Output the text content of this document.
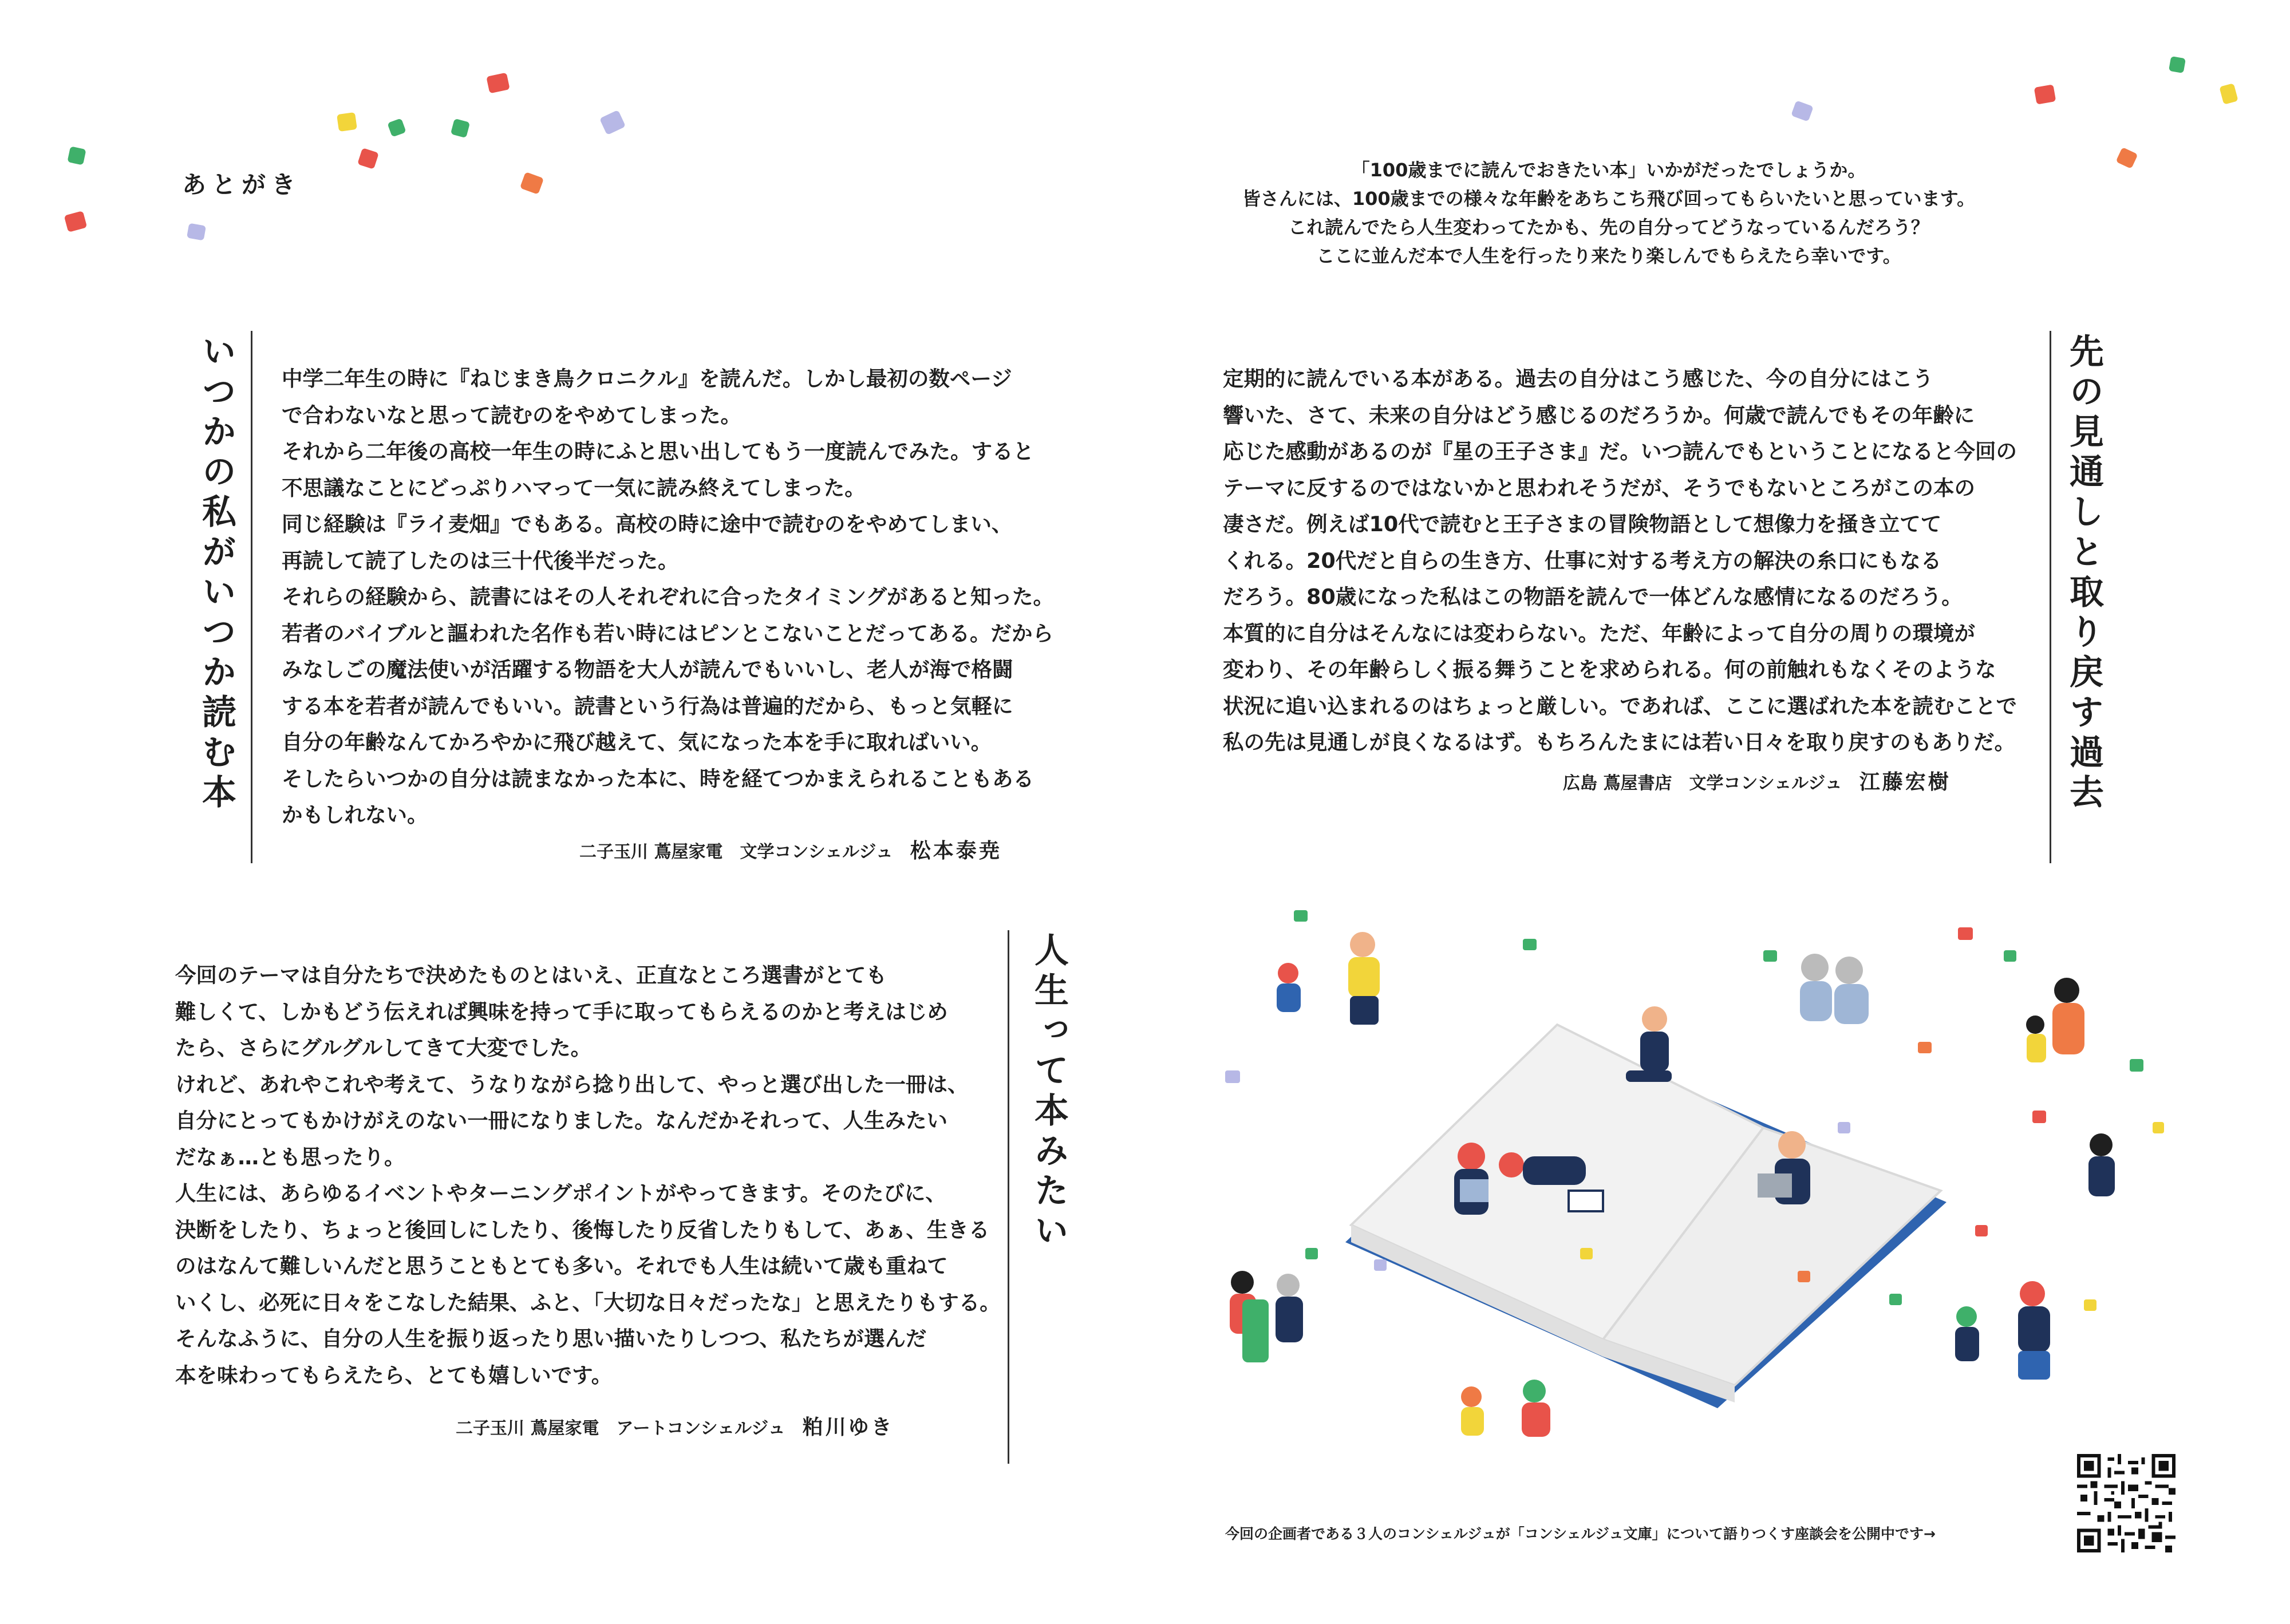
あとがき
「100歳までに読んでおきたい本」いかがだったでしょうか。
皆さんには、100歳までの様々な年齢をあちこち飛び回ってもらいたいと思っています。
これ読んでたら人生変わってたかも、先の自分ってどうなっているんだろう？
ここに並んだ本で人生を行ったり来たり楽しんでもらえたら幸いです。
いつかの私がいつか読む本 中学二年生の時に『ねじまき鳥クロニクル』を読んだ。しかし最初の数ページ
で合わないなと思って読むのをやめてしまった。
それから二年後の高校一年生の時にふと思い出してもう一度読んでみた。すると
不思議なことにどっぷりハマって一気に読み終えてしまった。
同じ経験は『ライ麦畑』でもある。高校の時に途中で読むのをやめてしまい、
再読して読了したのは三十代後半だった。
それらの経験から、読書にはその人それぞれに合ったタイミングがあると知った。
若者のバイブルと謳われた名作も若い時にはピンとこないことだってある。だから
みなしごの魔法使いが活躍する物語を大人が読んでもいいし、老人が海で格闘
する本を若者が読んでもいい。読書という行為は普遍的だから、もっと気軽に
自分の年齢なんてかろやかに飛び越えて、気になった本を手に取ればいい。
そしたらいつかの自分は読まなかった本に、時を経てつかまえられることもある
かもしれない。
二子玉川 蔦屋家電　文学コンシェルジュ 松本泰尭
先の見通しと取り戻す過去
定期的に読んでいる本がある。過去の自分はこう感じた、今の自分にはこう
響いた、さて、未来の自分はどう感じるのだろうか。何歳で読んでもその年齢に
応じた感動があるのが『星の王子さま』だ。いつ読んでもということになると今回の
テーマに反するのではないかと思われそうだが、そうでもないところがこの本の
凄さだ。例えば10代で読むと王子さまの冒険物語として想像力を掻き立てて
くれる。20代だと自らの生き方、仕事に対する考え方の解決の糸口にもなる
だろう。80歳になった私はこの物語を読んで一体どんな感情になるのだろう。
本質的に自分はそんなには変わらない。ただ、年齢によって自分の周りの環境が
変わり、その年齢らしく振る舞うことを求められる。何の前触れもなくそのような
状況に追い込まれるのはちょっと厳しい。であれば、ここに選ばれた本を読むことで
私の先は見通しが良くなるはず。もちろんたまには若い日々を取り戻すのもありだ。
広島 蔦屋書店　文学コンシェルジュ 江藤宏樹
人生って本みたい
今回のテーマは自分たちで決めたものとはいえ、正直なところ選書がとても
難しくて、しかもどう伝えれば興味を持って手に取ってもらえるのかと考えはじめ
たら、さらにグルグルしてきて大変でした。
けれど、あれやこれや考えて、うなりながら捻り出して、やっと選び出した一冊は、
自分にとってもかけがえのない一冊になりました。なんだかそれって、人生みたい
だなぁ…とも思ったり。
人生には、あらゆるイベントやターニングポイントがやってきます。そのたびに、
決断をしたり、ちょっと後回しにしたり、後悔したり反省したりもして、あぁ、生きる
のはなんて難しいんだと思うこともとても多い。それでも人生は続いて歳も重ねて
いくし、必死に日々をこなした結果、ふと、「大切な日々だったな」と思えたりもする。
そんなふうに、自分の人生を振り返ったり思い描いたりしつつ、私たちが選んだ
本を味わってもらえたら、とても嬉しいです。
二子玉川 蔦屋家電　アートコンシェルジュ 粕川ゆき
今回の企画者である３人のコンシェルジュが「コンシェルジュ文庫」について語りつくす座談会を公開中です→
